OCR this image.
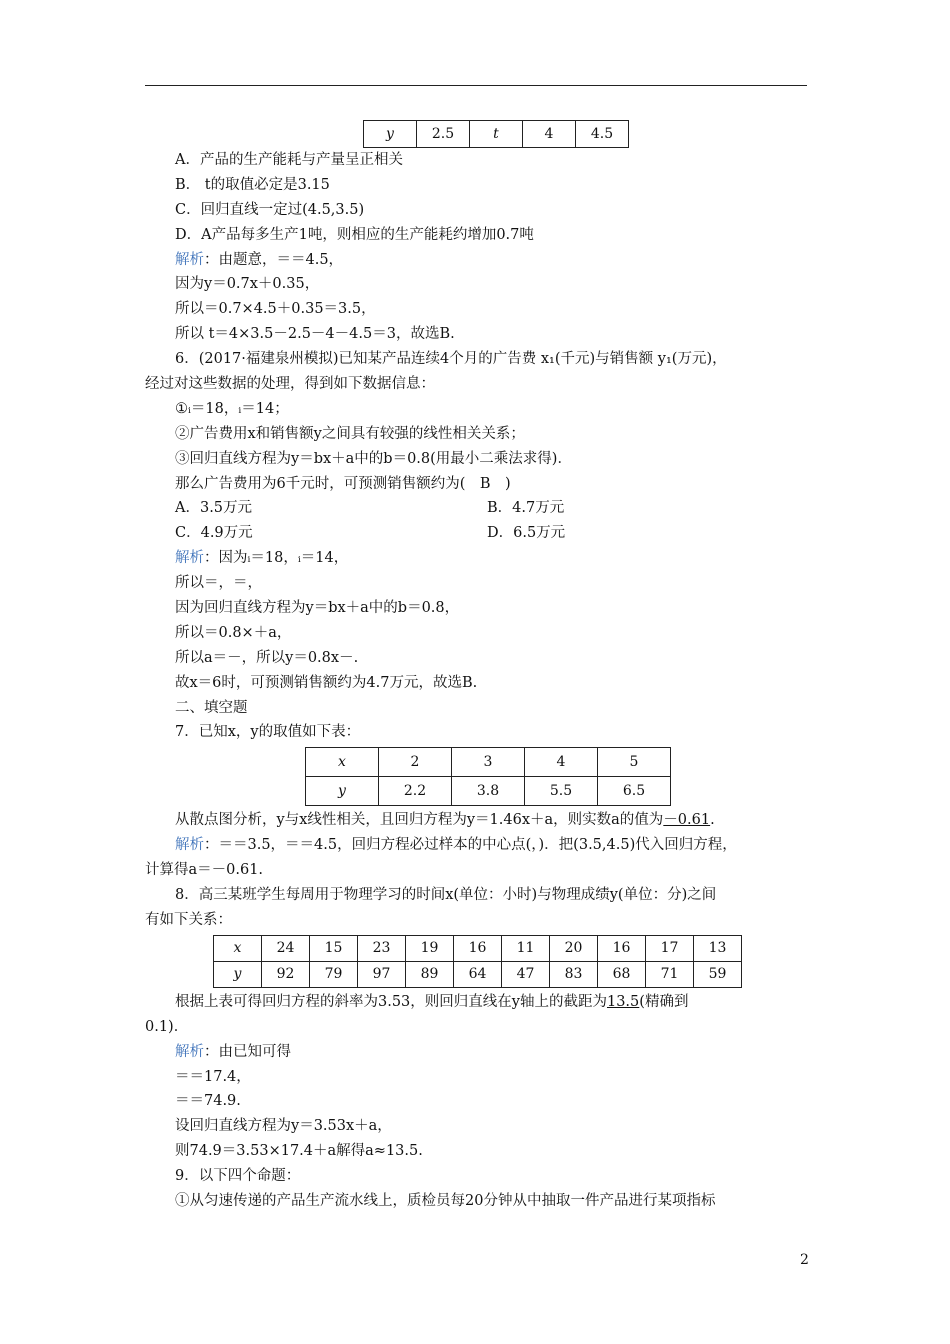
y	2.5	t	4	4.5
A．产品的生产能耗与产量呈正相关
B． t的取值必定是3.15
C．回归直线一定过(4.5,3.5)
D．A产品每多生产1吨，则相应的生产能耗约增加0.7吨
解析：由题意，＝＝4.5，
因为y＝0.7x＋0.35，
所以＝0.7×4.5＋0.35＝3.5，
所以 t＝4×3.5－2.5－4－4.5＝3，故选B.
6．(2017·福建泉州模拟)已知某产品连续4个月的广告费 x₁(千元)与销售额 y₁(万元)，
经过对这些数据的处理，得到如下数据信息：
①ᵢ＝18，ᵢ＝14；
②广告费用x和销售额y之间具有较强的线性相关关系；
③回归直线方程为y＝bx＋a中的b＝0.8(用最小二乘法求得)．
那么广告费用为6千元时，可预测销售额约为(　B　)
A．3.5万元	B．4.7万元
C．4.9万元	D．6.5万元
解析：因为ᵢ＝18，ᵢ＝14，
所以＝，＝，
因为回归直线方程为y＝bx＋a中的b＝0.8，
所以＝0.8×＋a，
所以a＝－，所以y＝0.8x－.
故x＝6时，可预测销售额约为4.7万元，故选B.
二、填空题
7．已知x，y的取值如下表：
x	2	3	4	5
y	2.2	3.8	5.5	6.5
从散点图分析，y与x线性相关，且回归方程为y＝1.46x＋a，则实数a的值为－0.61.
解析：＝＝3.5，＝＝4.5，回归方程必过样本的中心点(，)．把(3.5,4.5)代入回归方程，
计算得a＝－0.61.
8．高三某班学生每周用于物理学习的时间x(单位：小时)与物理成绩y(单位：分)之间
有如下关系：
x	24	15	23	19	16	11	20	16	17	13
y	92	79	97	89	64	47	83	68	71	59
根据上表可得回归方程的斜率为3.53，则回归直线在y轴上的截距为13.5(精确到
0.1)．
解析：由已知可得
＝＝17.4，
＝＝74.9.
设回归直线方程为y＝3.53x＋a，
则74.9＝3.53×17.4＋a解得a≈13.5.
9．以下四个命题：
①从匀速传递的产品生产流水线上，质检员每20分钟从中抽取一件产品进行某项指标
2
